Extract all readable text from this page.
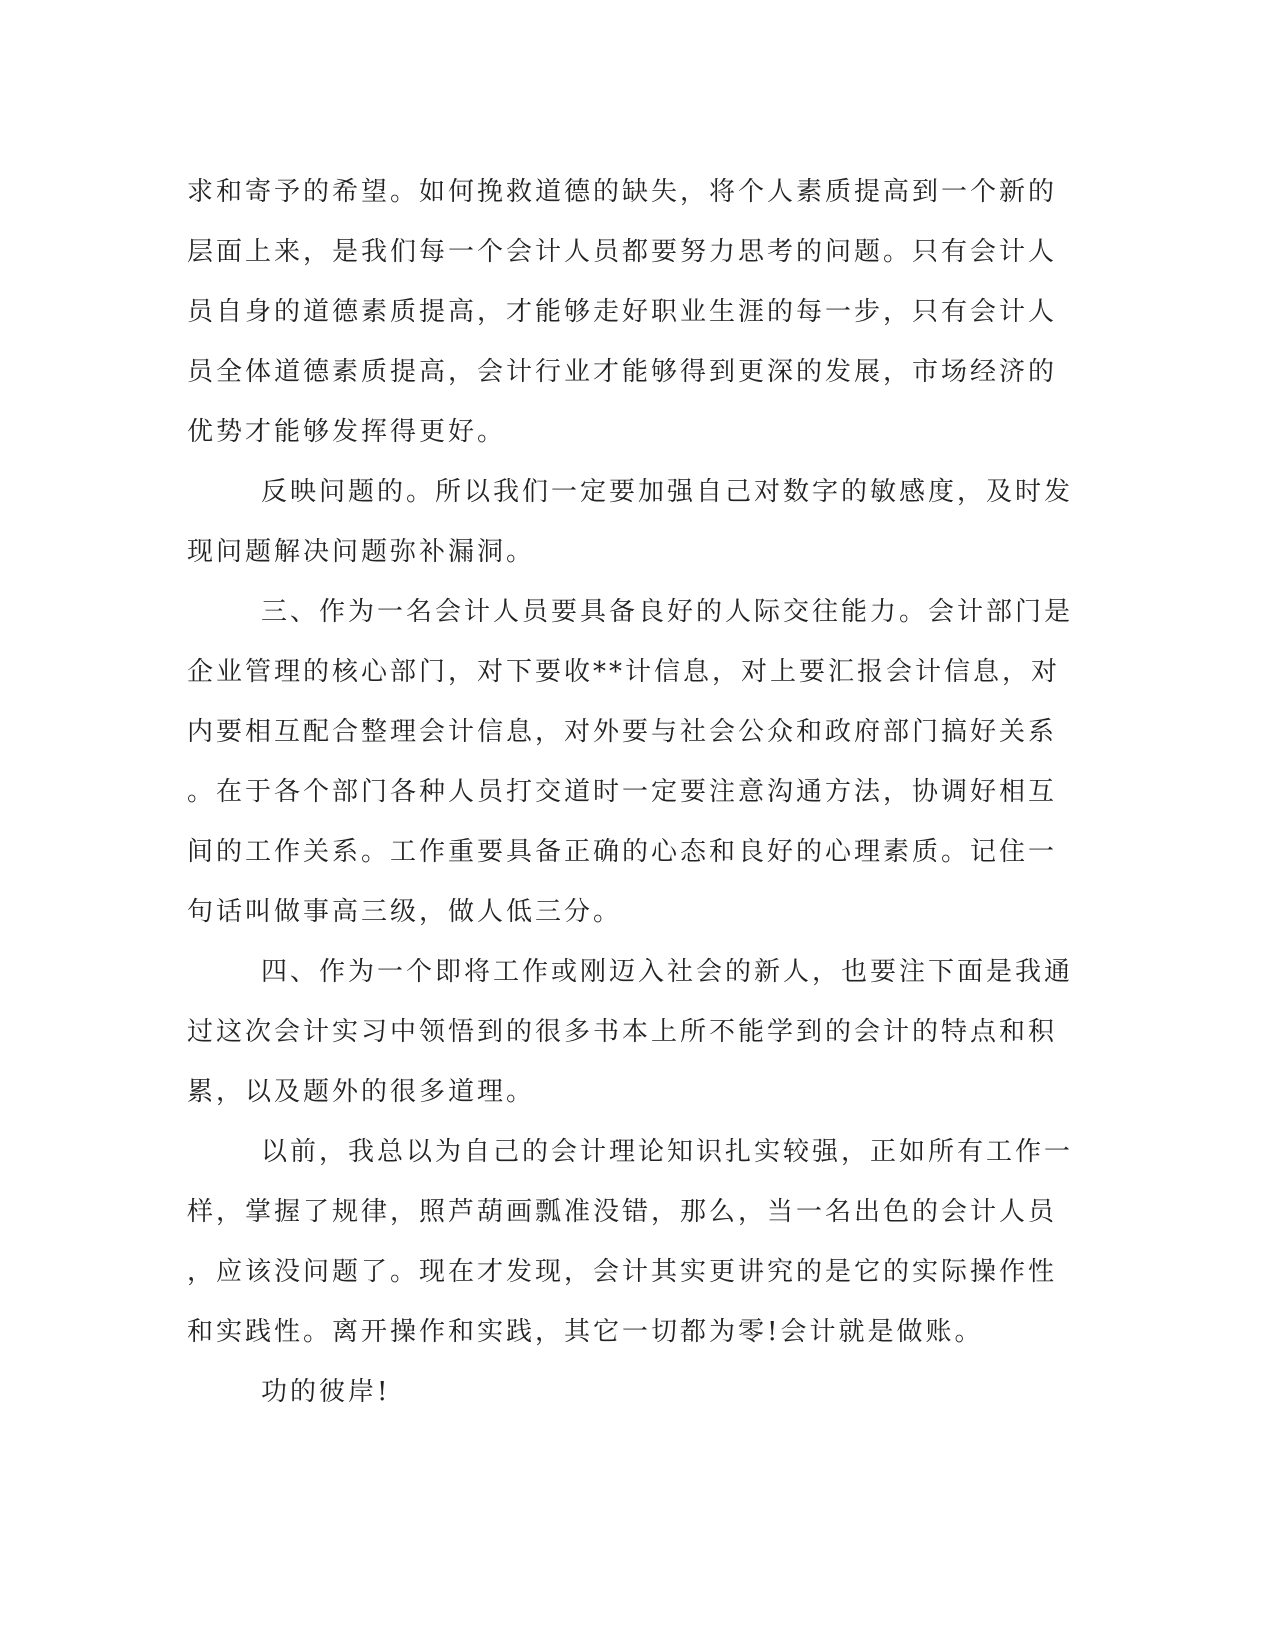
求和寄予的希望。如何挽救道德的缺失，将个人素质提高到一个新的
层面上来，是我们每一个会计人员都要努力思考的问题。只有会计人
员自身的道德素质提高，才能够走好职业生涯的每一步，只有会计人
员全体道德素质提高，会计行业才能够得到更深的发展，市场经济的
优势才能够发挥得更好。
反映问题的。所以我们一定要加强自己对数字的敏感度，及时发
现问题解决问题弥补漏洞。
三、作为一名会计人员要具备良好的人际交往能力。会计部门是
企业管理的核心部门，对下要收**计信息，对上要汇报会计信息，对
内要相互配合整理会计信息，对外要与社会公众和政府部门搞好关系
。在于各个部门各种人员打交道时一定要注意沟通方法，协调好相互
间的工作关系。工作重要具备正确的心态和良好的心理素质。记住一
句话叫做事高三级，做人低三分。
四、作为一个即将工作或刚迈入社会的新人，也要注下面是我通
过这次会计实习中领悟到的很多书本上所不能学到的会计的特点和积
累，以及题外的很多道理。
以前，我总以为自己的会计理论知识扎实较强，正如所有工作一
样，掌握了规律，照芦葫画瓢准没错，那么，当一名出色的会计人员
，应该没问题了。现在才发现，会计其实更讲究的是它的实际操作性
和实践性。离开操作和实践，其它一切都为零!会计就是做账。
功的彼岸!
